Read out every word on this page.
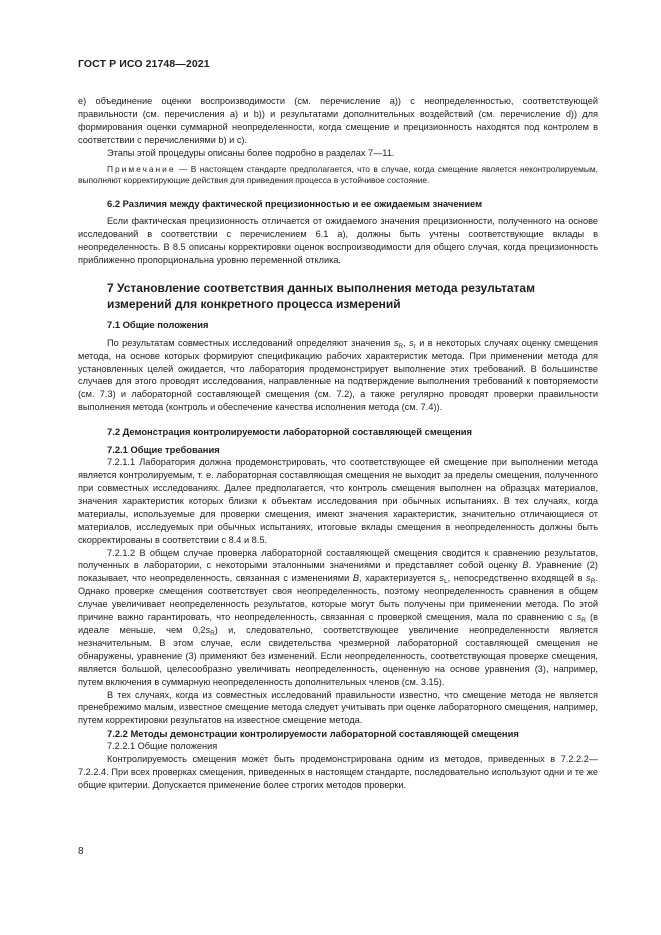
ГОСТ Р ИСО 21748—2021

е) объединение оценки воспроизводимости (см. перечисление а)) с неопределенностью, соответствующей правильности (см. перечисления а) и b)) и результатами дополнительных воздействий (см. перечисление d)) для формирования оценки суммарной неопределенности, когда смещение и прецизионность находятся под контролем в соответствии с перечислениями b) и с).

Этапы этой процедуры описаны более подробно в разделах 7—11.

Примечание — В настоящем стандарте предполагается, что в случае, когда смещение является неконтролируемым, выполняют корректирующие действия для приведения процесса в устойчивое состояние.

6.2 Различия между фактической прецизионностью и ее ожидаемым значением

Если фактическая прецизионность отличается от ожидаемого значения прецизионности, полученного на основе исследований в соответствии с перечислением 6.1 а), должны быть учтены соответствующие вклады в неопределенность. В 8.5 описаны корректировки оценок воспроизводимости для общего случая, когда прецизионность приближенно пропорциональна уровню переменной отклика.

7 Установление соответствия данных выполнения метода результатам измерений для конкретного процесса измерений
7.1 Общие положения

По результатам совместных исследований определяют значения $s_R$, $s_r$ и в некоторых случаях оценку смещения метода, на основе которых формируют спецификацию рабочих характеристик метода. При применении метода для установленных целей ожидается, что лаборатория продемонстрирует выполнение этих требований. В большинстве случаев для этого проводят исследования, направленные на подтверждение выполнения требований к повторяемости (см. 7.3) и лабораторной составляющей смещения (см. 7.2), а также регулярно проводят проверки правильности выполнения метода (контроль и обеспечение качества исполнения метода (см. 7.4)).

7.2 Демонстрация контролируемости лабораторной составляющей смещения
7.2.1 Общие требования

7.2.1.1 Лаборатория должна продемонстрировать, что соответствующее ей смещение при выполнении метода является контролируемым, т. е. лабораторная составляющая смещения не выходит за пределы смещения, полученного при совместных исследованиях. Далее предполагается, что контроль смещения выполнен на образцах материалов, значения характеристик которых близки к объектам исследования при обычных испытаниях. В тех случаях, когда материалы, используемые для проверки смещения, имеют значения характеристик, значительно отличающиеся от материалов, исследуемых при обычных испытаниях, итоговые вклады смещения в неопределенность должны быть скорректированы в соответствии с 8.4 и 8.5.

7.2.1.2 В общем случае проверка лабораторной составляющей смещения сводится к сравнению результатов, полученных в лаборатории, с некоторыми эталонными значениями и представляет собой оценку B. Уравнение (2) показывает, что неопределенность, связанная с изменениями B, характеризуется $s_L$, непосредственно входящей в $s_R$. Однако проверке смещения соответствует своя неопределенность, поэтому неопределенность сравнения в общем случае увеличивает неопределенность результатов, которые могут быть получены при применении метода. По этой причине важно гарантировать, что неопределенность, связанная с проверкой смещения, мала по сравнению с $s_R$ (в идеале меньше, чем $0,2s_R$) и, следовательно, соответствующее увеличение неопределенности является незначительным. В этом случае, если свидетельства чрезмерной лабораторной составляющей смещения не обнаружены, уравнение (3) применяют без изменений. Если неопределенность, соответствующая проверке смещения, является большой, целесообразно увеличивать неопределенность, оцененную на основе уравнения (3), например, путем включения в суммарную неопределенность дополнительных членов (см. 3.15).

В тех случаях, когда из совместных исследований правильности известно, что смещение метода не является пренебрежимо малым, известное смещение метода следует учитывать при оценке лабораторного смещения, например, путем корректировки результатов на известное смещение метода.

7.2.2 Методы демонстрации контролируемости лабораторной составляющей смещения

7.2.2.1 Общие положения

Контролируемость смещения может быть продемонстрирована одним из методов, приведенных в 7.2.2.2—7.2.2.4. При всех проверках смещения, приведенных в настоящем стандарте, последовательно используют одни и те же общие критерии. Допускается применение более строгих методов проверки.

8
